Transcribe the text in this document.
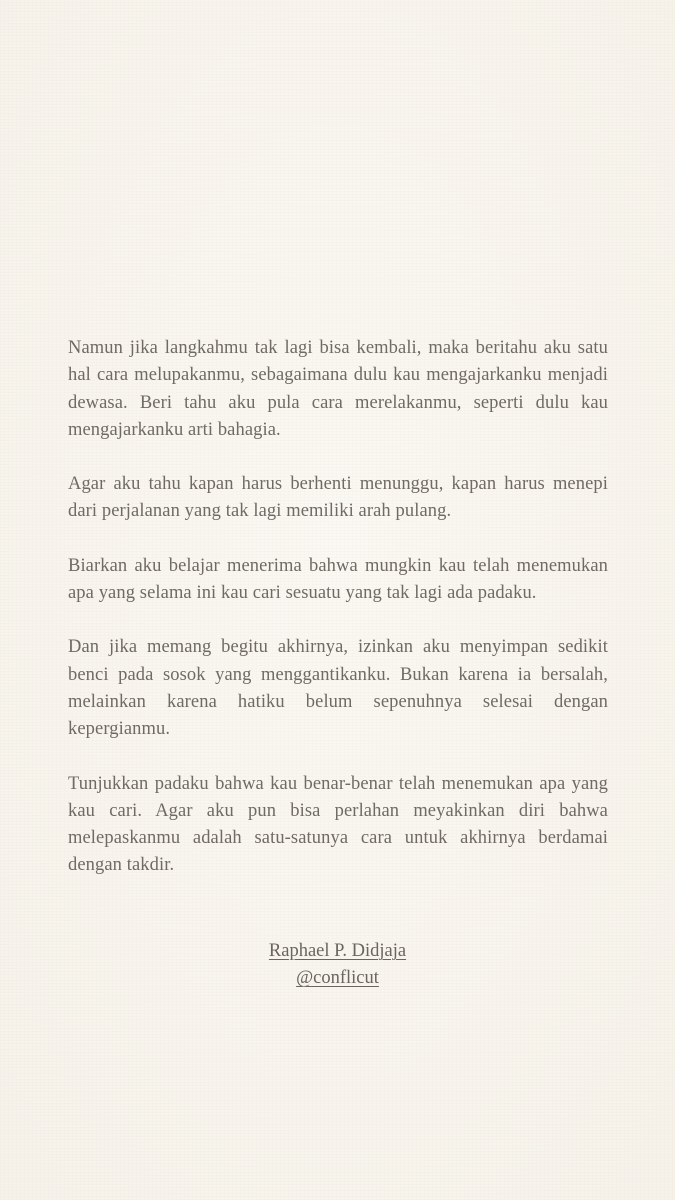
Namun jika langkahmu tak lagi bisa kembali, maka beritahu aku satu hal cara melupakanmu, sebagaimana dulu kau mengajarkanku menjadi dewasa. Beri tahu aku pula cara merelakanmu, seperti dulu kau mengajarkanku arti bahagia.

Agar aku tahu kapan harus berhenti menunggu, kapan harus menepi dari perjalanan yang tak lagi memiliki arah pulang.

Biarkan aku belajar menerima bahwa mungkin kau telah menemukan apa yang selama ini kau cari sesuatu yang tak lagi ada padaku.

Dan jika memang begitu akhirnya, izinkan aku menyimpan sedikit benci pada sosok yang menggantikanku. Bukan karena ia bersalah, melainkan karena hatiku belum sepenuhnya selesai dengan kepergianmu.

Tunjukkan padaku bahwa kau benar-benar telah menemukan apa yang kau cari. Agar aku pun bisa perlahan meyakinkan diri bahwa melepaskanmu adalah satu-satunya cara untuk akhirnya berdamai dengan takdir.

Raphael P. Didjaja
@conflicut
